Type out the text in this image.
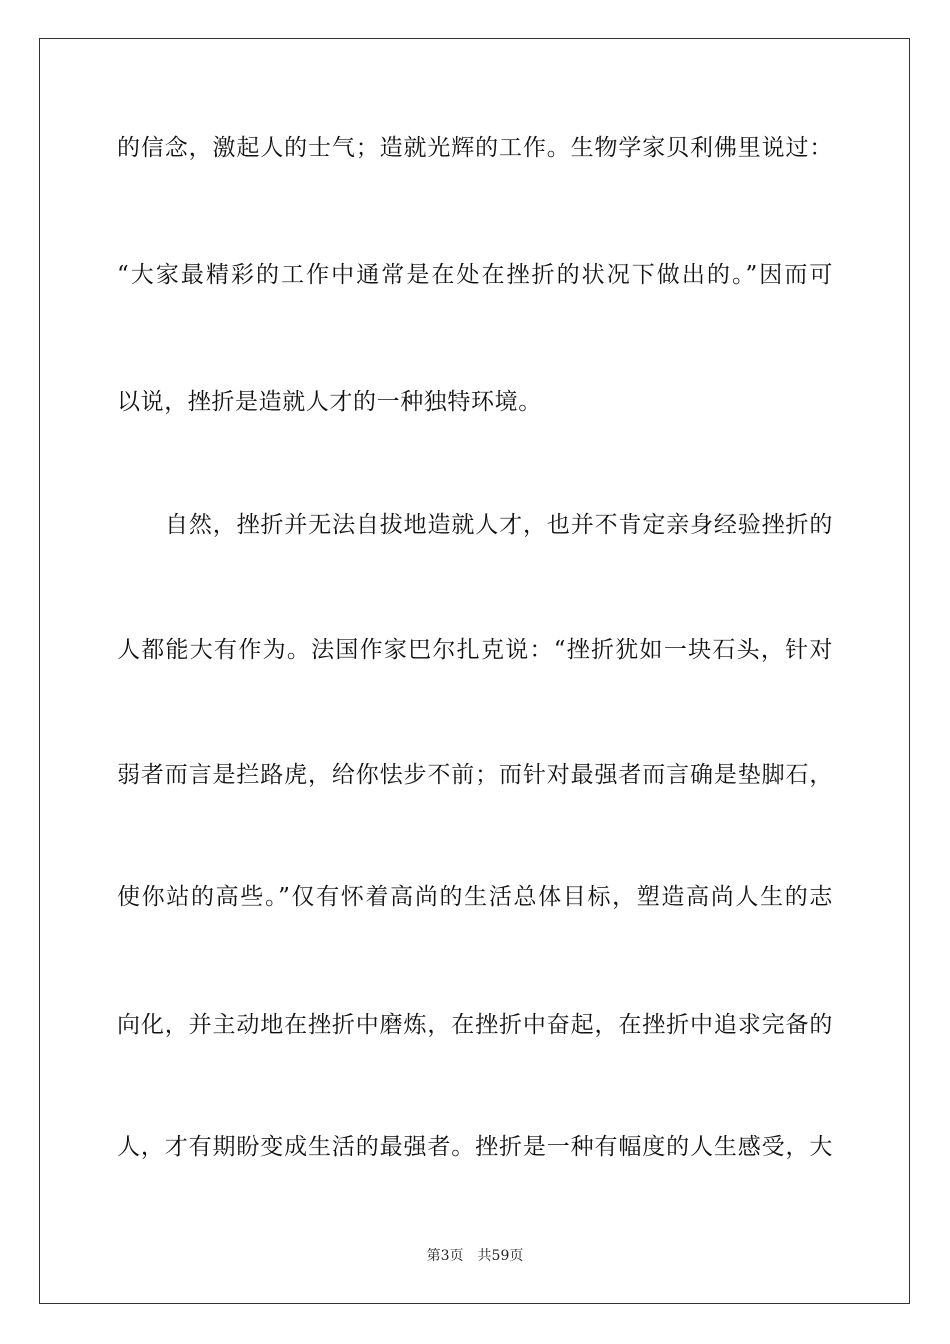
的信念，激起人的士气；造就光辉的工作。生物学家贝利佛里说过：
“大家最精彩的工作中通常是在处在挫折的状况下做出的。”因而可
以说，挫折是造就人才的一种独特环境。
自然，挫折并无法自拔地造就人才，也并不肯定亲身经验挫折的
人都能大有作为。法国作家巴尔扎克说：“挫折犹如一块石头，针对
弱者而言是拦路虎，给你怯步不前；而针对最强者而言确是垫脚石，
使你站的高些。”仅有怀着高尚的生活总体目标，塑造高尚人生的志
向化，并主动地在挫折中磨炼，在挫折中奋起，在挫折中追求完备的
人，才有期盼变成生活的最强者。挫折是一种有幅度的人生感受，大
第3页 共59页
